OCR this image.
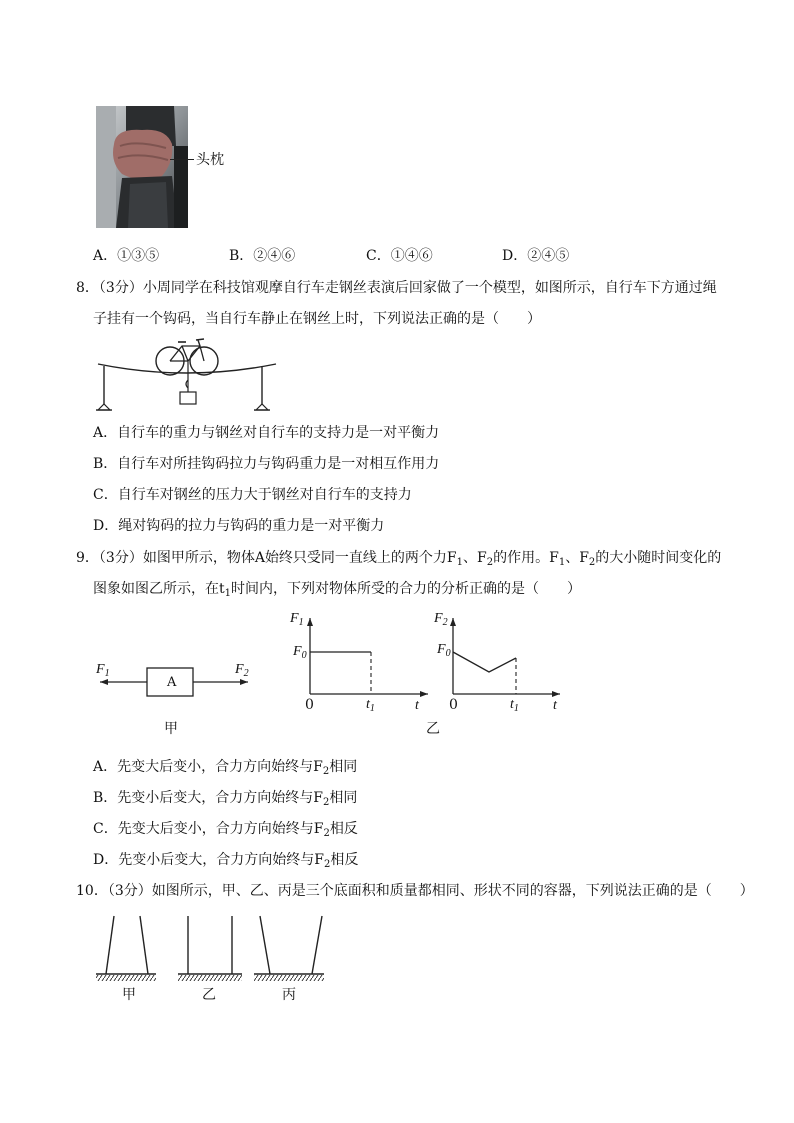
头枕
A．①③⑤	B．②④⑥	C．①④⑥	D．②④⑤
8．（3分）小周同学在科技馆观摩自行车走钢丝表演后回家做了一个模型，如图所示，自行车下方通过绳
子挂有一个钩码，当自行车静止在钢丝上时，下列说法正确的是（　　）
A．自行车的重力与钢丝对自行车的支持力是一对平衡力
B．自行车对所挂钩码拉力与钩码重力是一对相互作用力
C．自行车对钢丝的压力大于钢丝对自行车的支持力
D．绳对钩码的拉力与钩码的重力是一对平衡力
9．（3分）如图甲所示，物体A始终只受同一直线上的两个力$F_1$、$F_2$的作用。$F_1$、$F_2$的大小随时间变化的
图象如图乙所示，在$t_1$时间内，下列对物体所受的合力的分析正确的是（　　）
A
$F_1$	$F_2$
甲
$F_1$
$F_0$
0	$t_1$	t
$F_2$
$F_0$
0	$t_1$ t
乙
A．先变大后变小，合力方向始终与$F_2$相同
B．先变小后变大，合力方向始终与$F_2$相同
C．先变大后变小，合力方向始终与$F_2$相反
D．先变小后变大，合力方向始终与$F_2$相反
10．（3分）如图所示，甲、乙、丙是三个底面积和质量都相同、形状不同的容器，下列说法正确的是（　　）
甲	乙	丙
